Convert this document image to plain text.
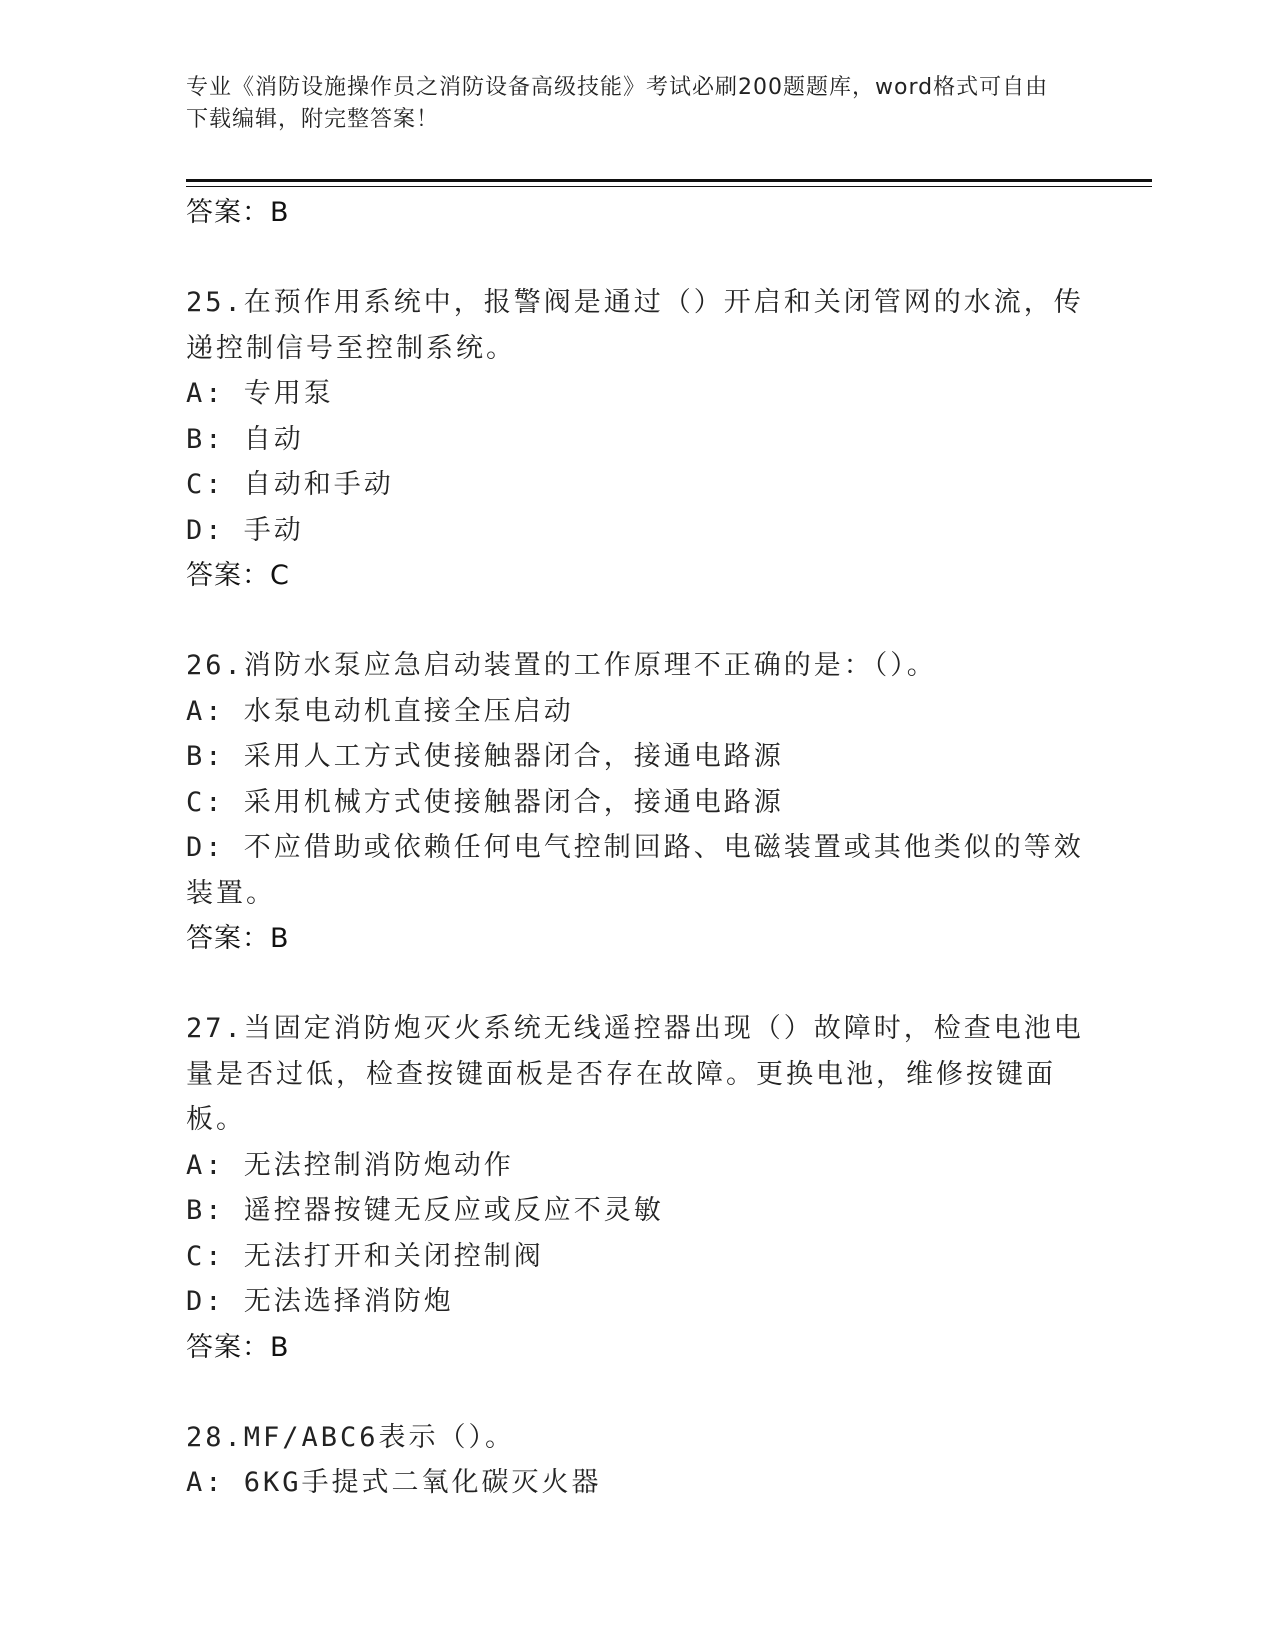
专业《消防设施操作员之消防设备高级技能》考试必刷200题题库，word格式可自由下载编辑，附完整答案！
答案：B
25.在预作用系统中，报警阀是通过（）开启和关闭管网的水流，传递控制信号至控制系统。
A: 专用泵
B: 自动
C: 自动和手动
D: 手动
答案：C
26.消防水泵应急启动装置的工作原理不正确的是：（）。
A: 水泵电动机直接全压启动
B: 采用人工方式使接触器闭合，接通电路源
C: 采用机械方式使接触器闭合，接通电路源
D: 不应借助或依赖任何电气控制回路、电磁装置或其他类似的等效装置。
答案：B
27.当固定消防炮灭火系统无线遥控器出现（）故障时，检查电池电量是否过低，检查按键面板是否存在故障。更换电池，维修按键面板。
A: 无法控制消防炮动作
B: 遥控器按键无反应或反应不灵敏
C: 无法打开和关闭控制阀
D: 无法选择消防炮
答案：B
28.MF/ABC6表示（）。
A: 6KG手提式二氧化碳灭火器
